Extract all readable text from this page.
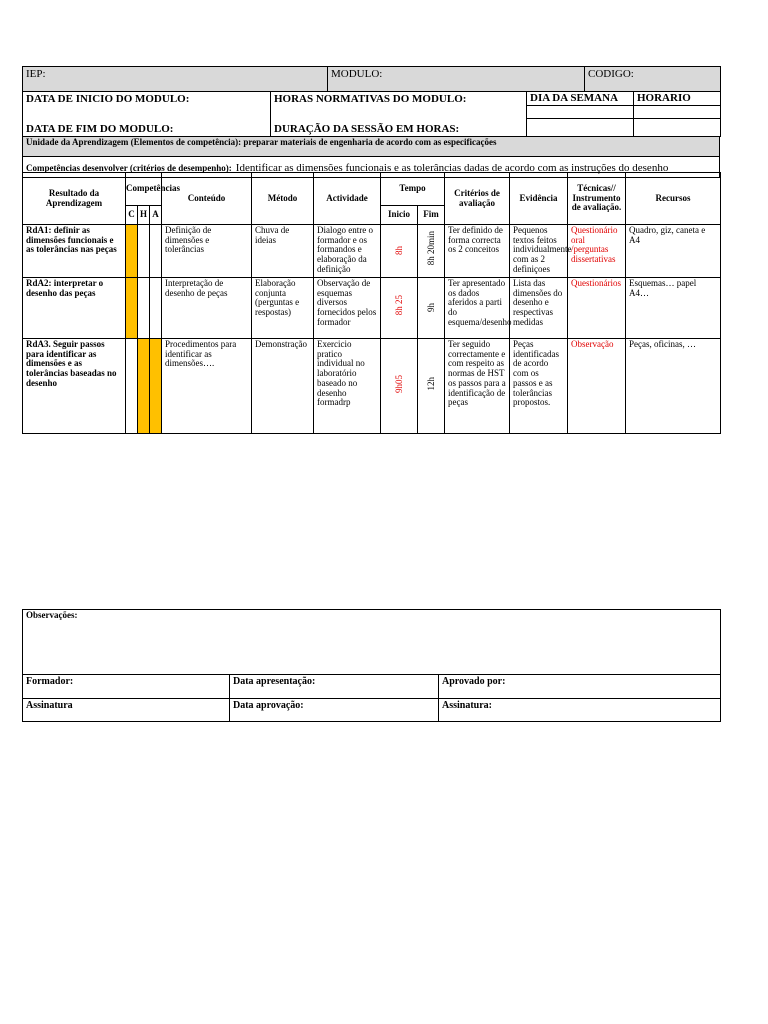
IEP:	MODULO:	CODIGO:
DATA DE INICIO DO MODULO:	HORAS NORMATIVAS DO MODULO:	DIA DA SEMANA	HORARIO

DATA DE FIM DO MODULO:	DURAÇÃO DA SESSÃO EM HORAS:		
Unidade da Aprendizagem (Elementos de competência): preparar materiais de engenharia de acordo com as especificações
Competências desenvolver (critérios de desempenho): Identificar as dimensões funcionais e as tolerâncias dadas de acordo com as instruções do desenho
Resultado da Aprendizagem	Competências			Conteúdo	Método	Actividade	Tempo		Critérios de avaliação	Evidência	Técnicas// Instrumento de avaliação.	Recursos
	C	H	A				Inicio	Fim				
RdA1: definir as dimensões funcionais e as tolerâncias nas peças				Definição de dimensões e tolerâncias	Chuva de ideias	Dialogo entre o formador e os formandos e elaboração da definição	8h	8h 20min	Ter definido de forma correcta os 2 conceitos	Pequenos textos feitos individualmente com as 2 definiçoes	Questionário oral /perguntas dissertativas	Quadro, giz, caneta e A4
RdA2: interpretar o desenho das peças				Interpretação de desenho de peças	Elaboração conjunta (perguntas e respostas)	Observação de esquemas diversos fornecidos pelos formador	8h 25	9h	Ter apresentado os dados aferidos a parti do esquema/desenho	Lista das dimensões do desenho e respectivas medidas	Questionários	Esquemas… papel A4…
RdA3. Seguir passos para identificar as dimensões e as tolerâncias baseadas no desenho				Procedimentos para identificar as dimensões….	Demonstração	Exercicio pratico individual no laboratório baseado no desenho formadrp	9h05	12h	Ter seguido correctamente e com respeito as normas de HST os passos para a identificação de peças	Peças identificadas de acordo com os passos e as tolerâncias propostos.	Observação	Peças, oficinas, …
Observações:		
Formador:	Data apresentação:	Aprovado por:
Assinatura	Data aprovação:	Assinatura:
